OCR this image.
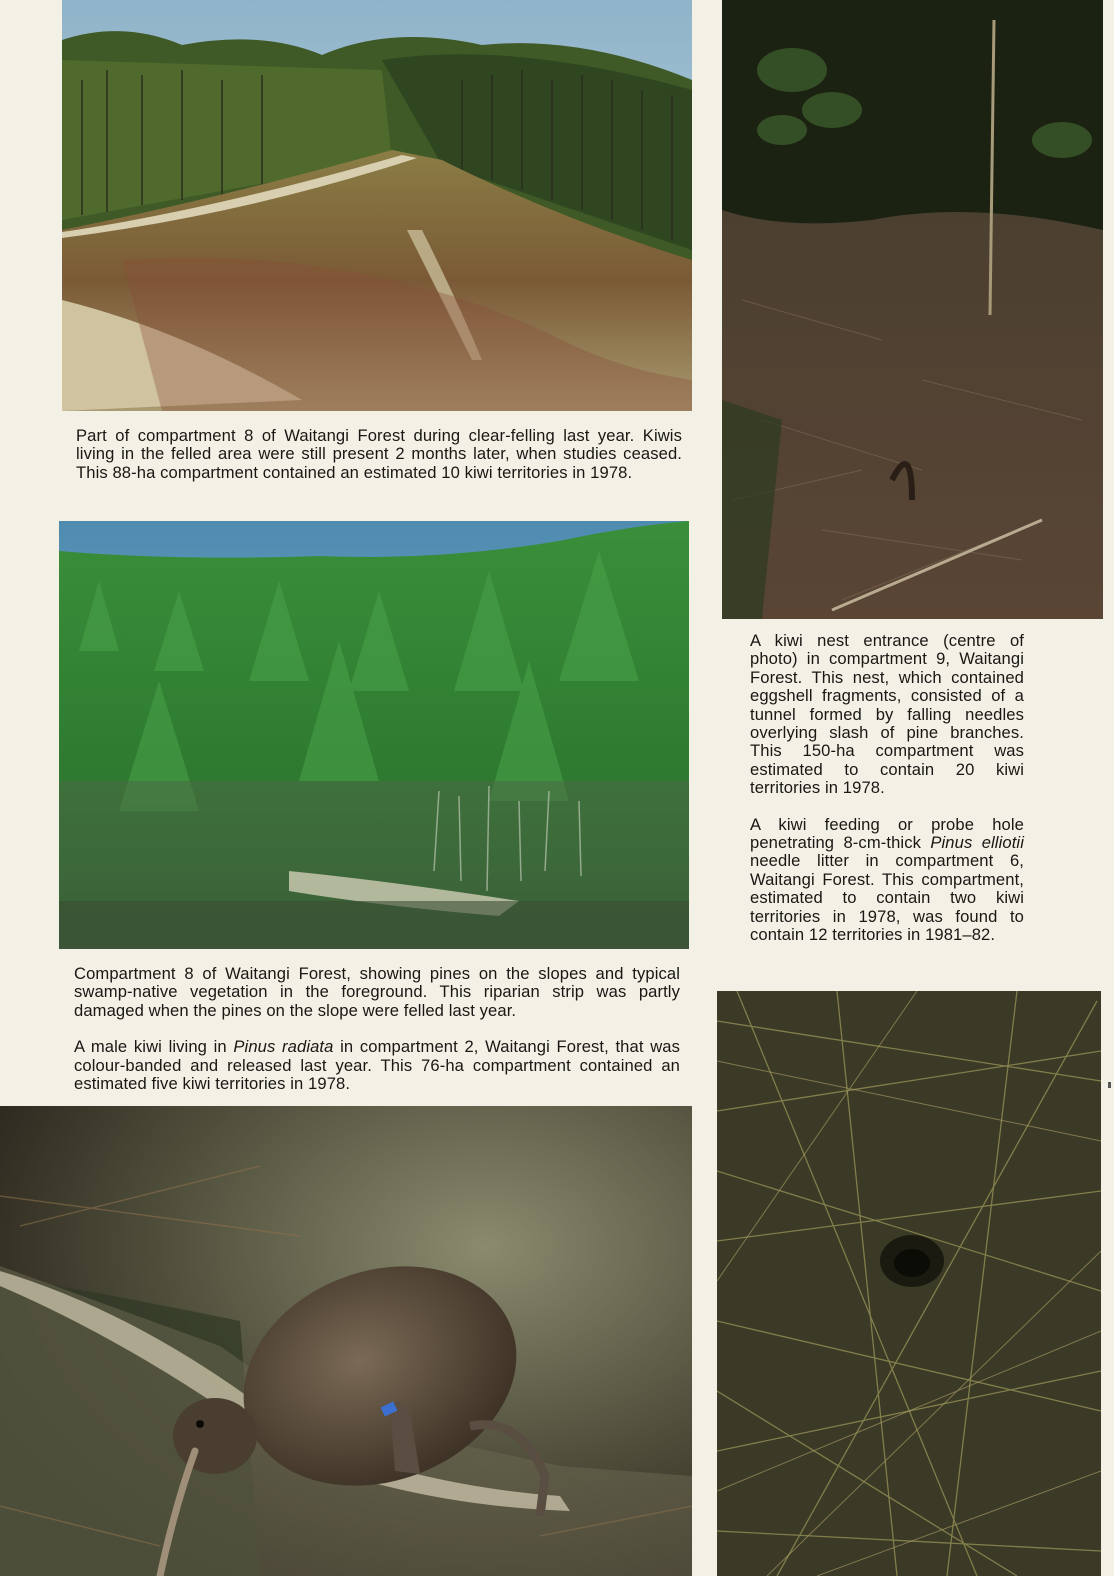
Part of compartment 8 of Waitangi Forest during clear-felling last year. Kiwis living in the felled area were still present 2 months later, when studies ceased. This 88-ha compartment contained an estimated 10 kiwi territories in 1978.

A kiwi nest entrance (centre of photo) in compartment 9, Waitangi Forest. This nest, which contained eggshell fragments, consisted of a tunnel formed by falling needles overlying slash of pine branches. This 150-ha compartment was estimated to contain 20 kiwi territories in 1978.

A kiwi feeding or probe hole penetrating 8-cm-thick Pinus elliotii needle litter in compartment 6, Waitangi Forest. This compartment, estimated to contain two kiwi territories in 1978, was found to contain 12 territories in 1981–82.

Compartment 8 of Waitangi Forest, showing pines on the slopes and typical swamp-native vegetation in the foreground. This riparian strip was partly damaged when the pines on the slope were felled last year.

A male kiwi living in Pinus radiata in compartment 2, Waitangi Forest, that was colour-banded and released last year. This 76-ha compartment contained an estimated five kiwi territories in 1978.
